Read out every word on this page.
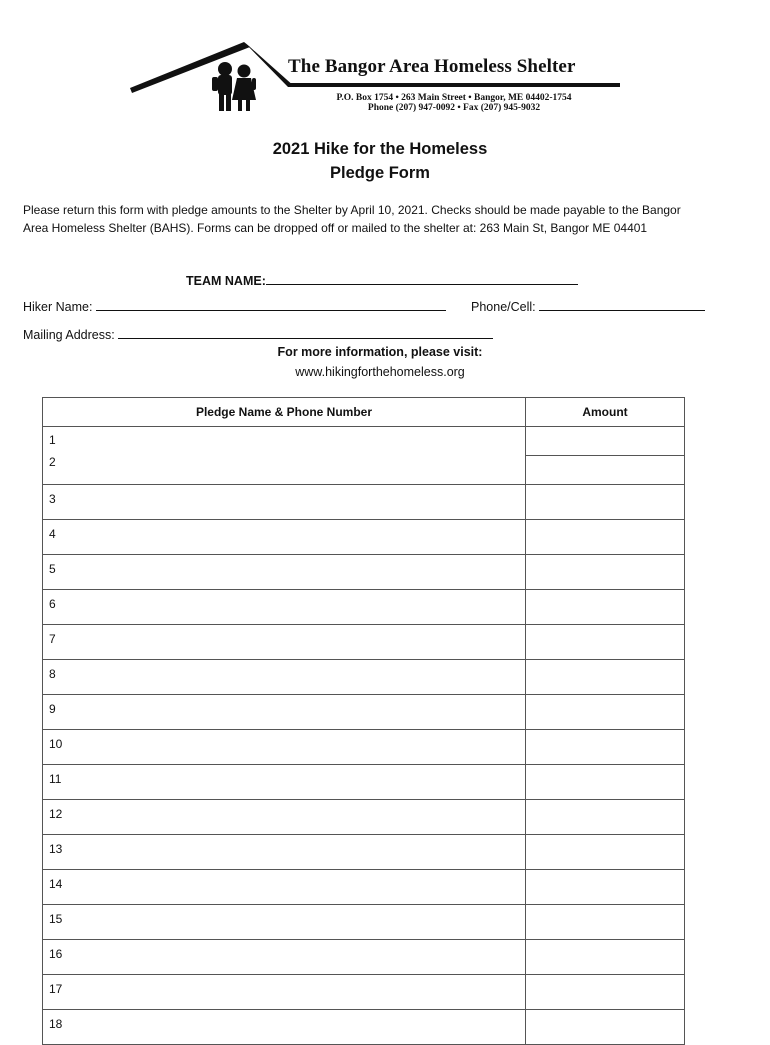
The Bangor Area Homeless Shelter
P.O. Box 1754 • 263 Main Street • Bangor, ME 04402-1754
Phone (207) 947-0092 • Fax (207) 945-9032
2021 Hike for the Homeless
Pledge Form
Please return this form with pledge amounts to the Shelter by April 10, 2021. Checks should be made payable to the Bangor Area Homeless Shelter (BAHS). Forms can be dropped off or mailed to the shelter at: 263 Main St, Bangor ME 04401
TEAM NAME:
Hiker Name:	Phone/Cell:
Mailing Address:
For more information, please visit:
www.hikingforthehomeless.org
Pledge Name & Phone Number	Amount

1
2	

3	
4	
5	
6	
7	
8	
9	
10	
11	
12	
13	
14	
15	
16	
17	
18	
